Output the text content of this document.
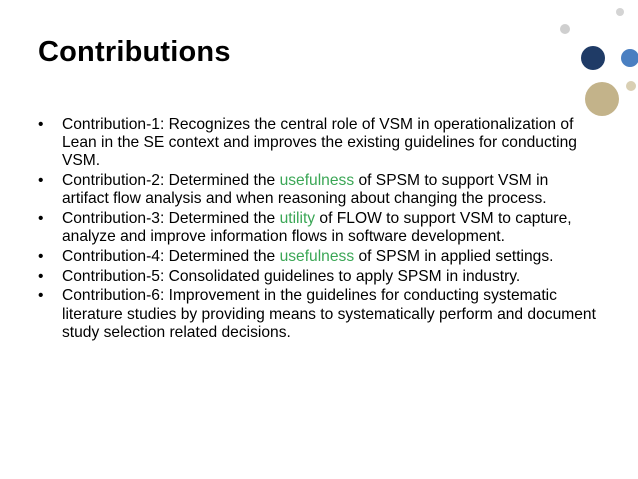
Contributions
•	Contribution-1: Recognizes the central role of VSM in operationalization of Lean in the SE context and improves the existing guidelines for conducting VSM.
•	Contribution-2: Determined the usefulness of SPSM to support VSM in artifact flow analysis and when reasoning about changing the process.
•	Contribution-3: Determined the utility of FLOW to support VSM to capture, analyze and improve information flows in software development.
•	Contribution-4: Determined the usefulness of SPSM in applied settings.
•	Contribution-5: Consolidated guidelines to apply SPSM in industry.
•	Contribution-6: Improvement in the guidelines for conducting systematic literature studies by providing means to systematically perform and document study selection related decisions.
